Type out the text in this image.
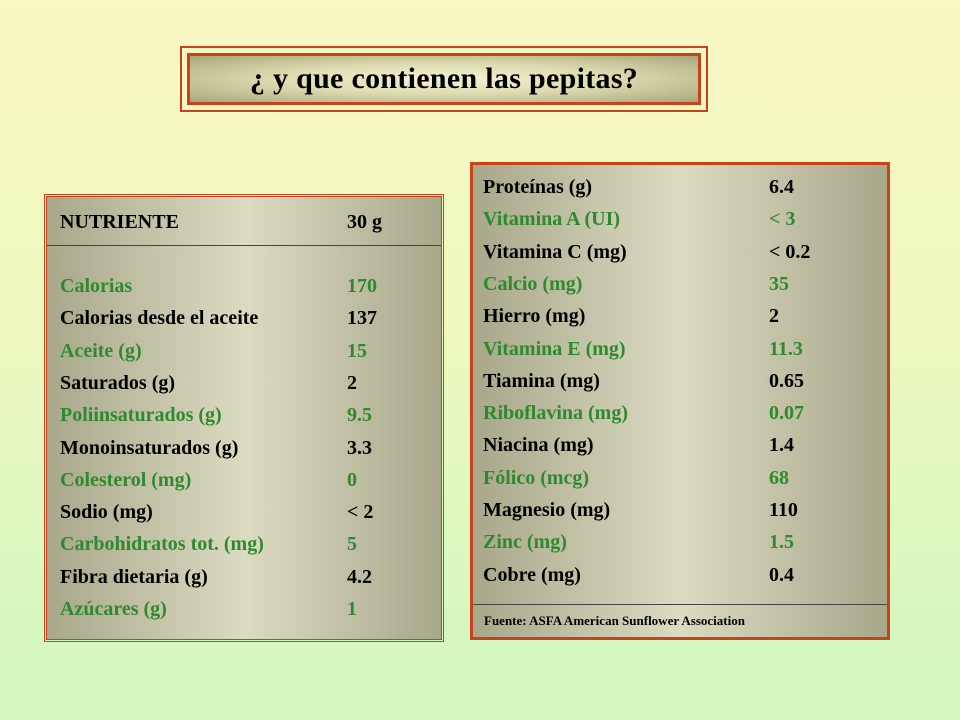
¿ y que contienen las pepitas?
NUTRIENTE	30 g
Calorias	170
Calorias desde el aceite	137
Aceite (g)	15
Saturados (g)	2
Poliinsaturados (g)	9.5
Monoinsaturados (g)	3.3
Colesterol (mg)	0
Sodio (mg)	< 2
Carbohidratos tot. (mg)	5
Fibra dietaria (g)	4.2
Azúcares (g)	1
Proteínas (g)	6.4
Vitamina A (UI)	< 3
Vitamina C (mg)	< 0.2
Calcio (mg)	35
Hierro (mg)	2
Vitamina E (mg)	11.3
Tiamina (mg)	0.65
Riboflavina (mg)	0.07
Niacina (mg)	1.4
Fólico (mcg)	68
Magnesio (mg)	110
Zinc (mg)	1.5
Cobre (mg)	0.4
Fuente: ASFA American Sunflower Association
